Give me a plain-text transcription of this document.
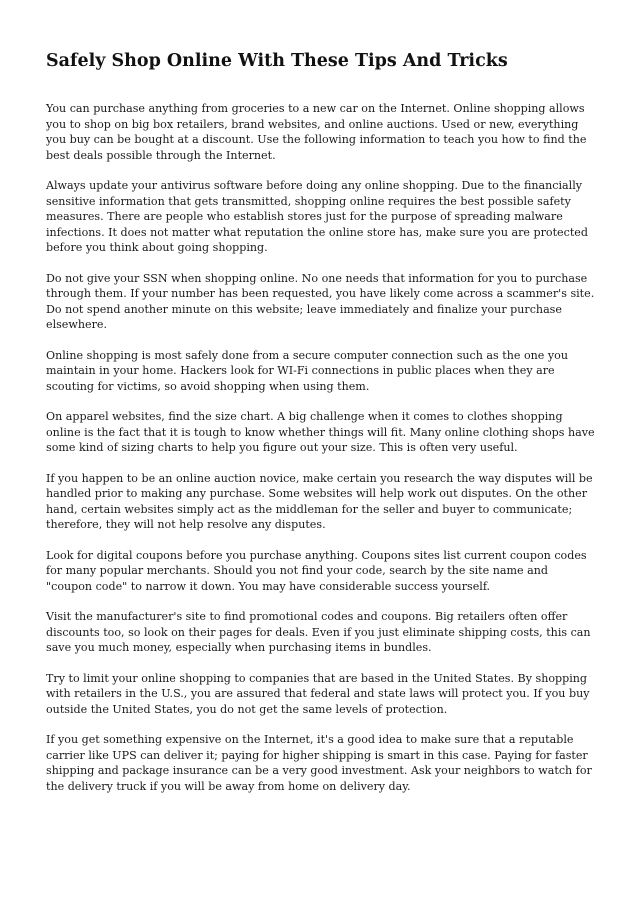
Safely Shop Online With These Tips And Tricks

You can purchase anything from groceries to a new car on the Internet. Online shopping allows you to shop on big box retailers, brand websites, and online auctions. Used or new, everything you buy can be bought at a discount. Use the following information to teach you how to find the best deals possible through the Internet.

Always update your antivirus software before doing any online shopping. Due to the financially sensitive information that gets transmitted, shopping online requires the best possible safety measures. There are people who establish stores just for the purpose of spreading malware infections. It does not matter what reputation the online store has, make sure you are protected before you think about going shopping.

Do not give your SSN when shopping online. No one needs that information for you to purchase through them. If your number has been requested, you have likely come across a scammer's site. Do not spend another minute on this website; leave immediately and finalize your purchase elsewhere.

Online shopping is most safely done from a secure computer connection such as the one you maintain in your home. Hackers look for WI-Fi connections in public places when they are scouting for victims, so avoid shopping when using them.

On apparel websites, find the size chart. A big challenge when it comes to clothes shopping online is the fact that it is tough to know whether things will fit. Many online clothing shops have some kind of sizing charts to help you figure out your size. This is often very useful.

If you happen to be an online auction novice, make certain you research the way disputes will be handled prior to making any purchase. Some websites will help work out disputes. On the other hand, certain websites simply act as the middleman for the seller and buyer to communicate; therefore, they will not help resolve any disputes.

Look for digital coupons before you purchase anything. Coupons sites list current coupon codes for many popular merchants. Should you not find your code, search by the site name and "coupon code" to narrow it down. You may have considerable success yourself.

Visit the manufacturer's site to find promotional codes and coupons. Big retailers often offer discounts too, so look on their pages for deals. Even if you just eliminate shipping costs, this can save you much money, especially when purchasing items in bundles.

Try to limit your online shopping to companies that are based in the United States. By shopping with retailers in the U.S., you are assured that federal and state laws will protect you. If you buy outside the United States, you do not get the same levels of protection.

If you get something expensive on the Internet, it's a good idea to make sure that a reputable carrier like UPS can deliver it; paying for higher shipping is smart in this case. Paying for faster shipping and package insurance can be a very good investment. Ask your neighbors to watch for the delivery truck if you will be away from home on delivery day.
